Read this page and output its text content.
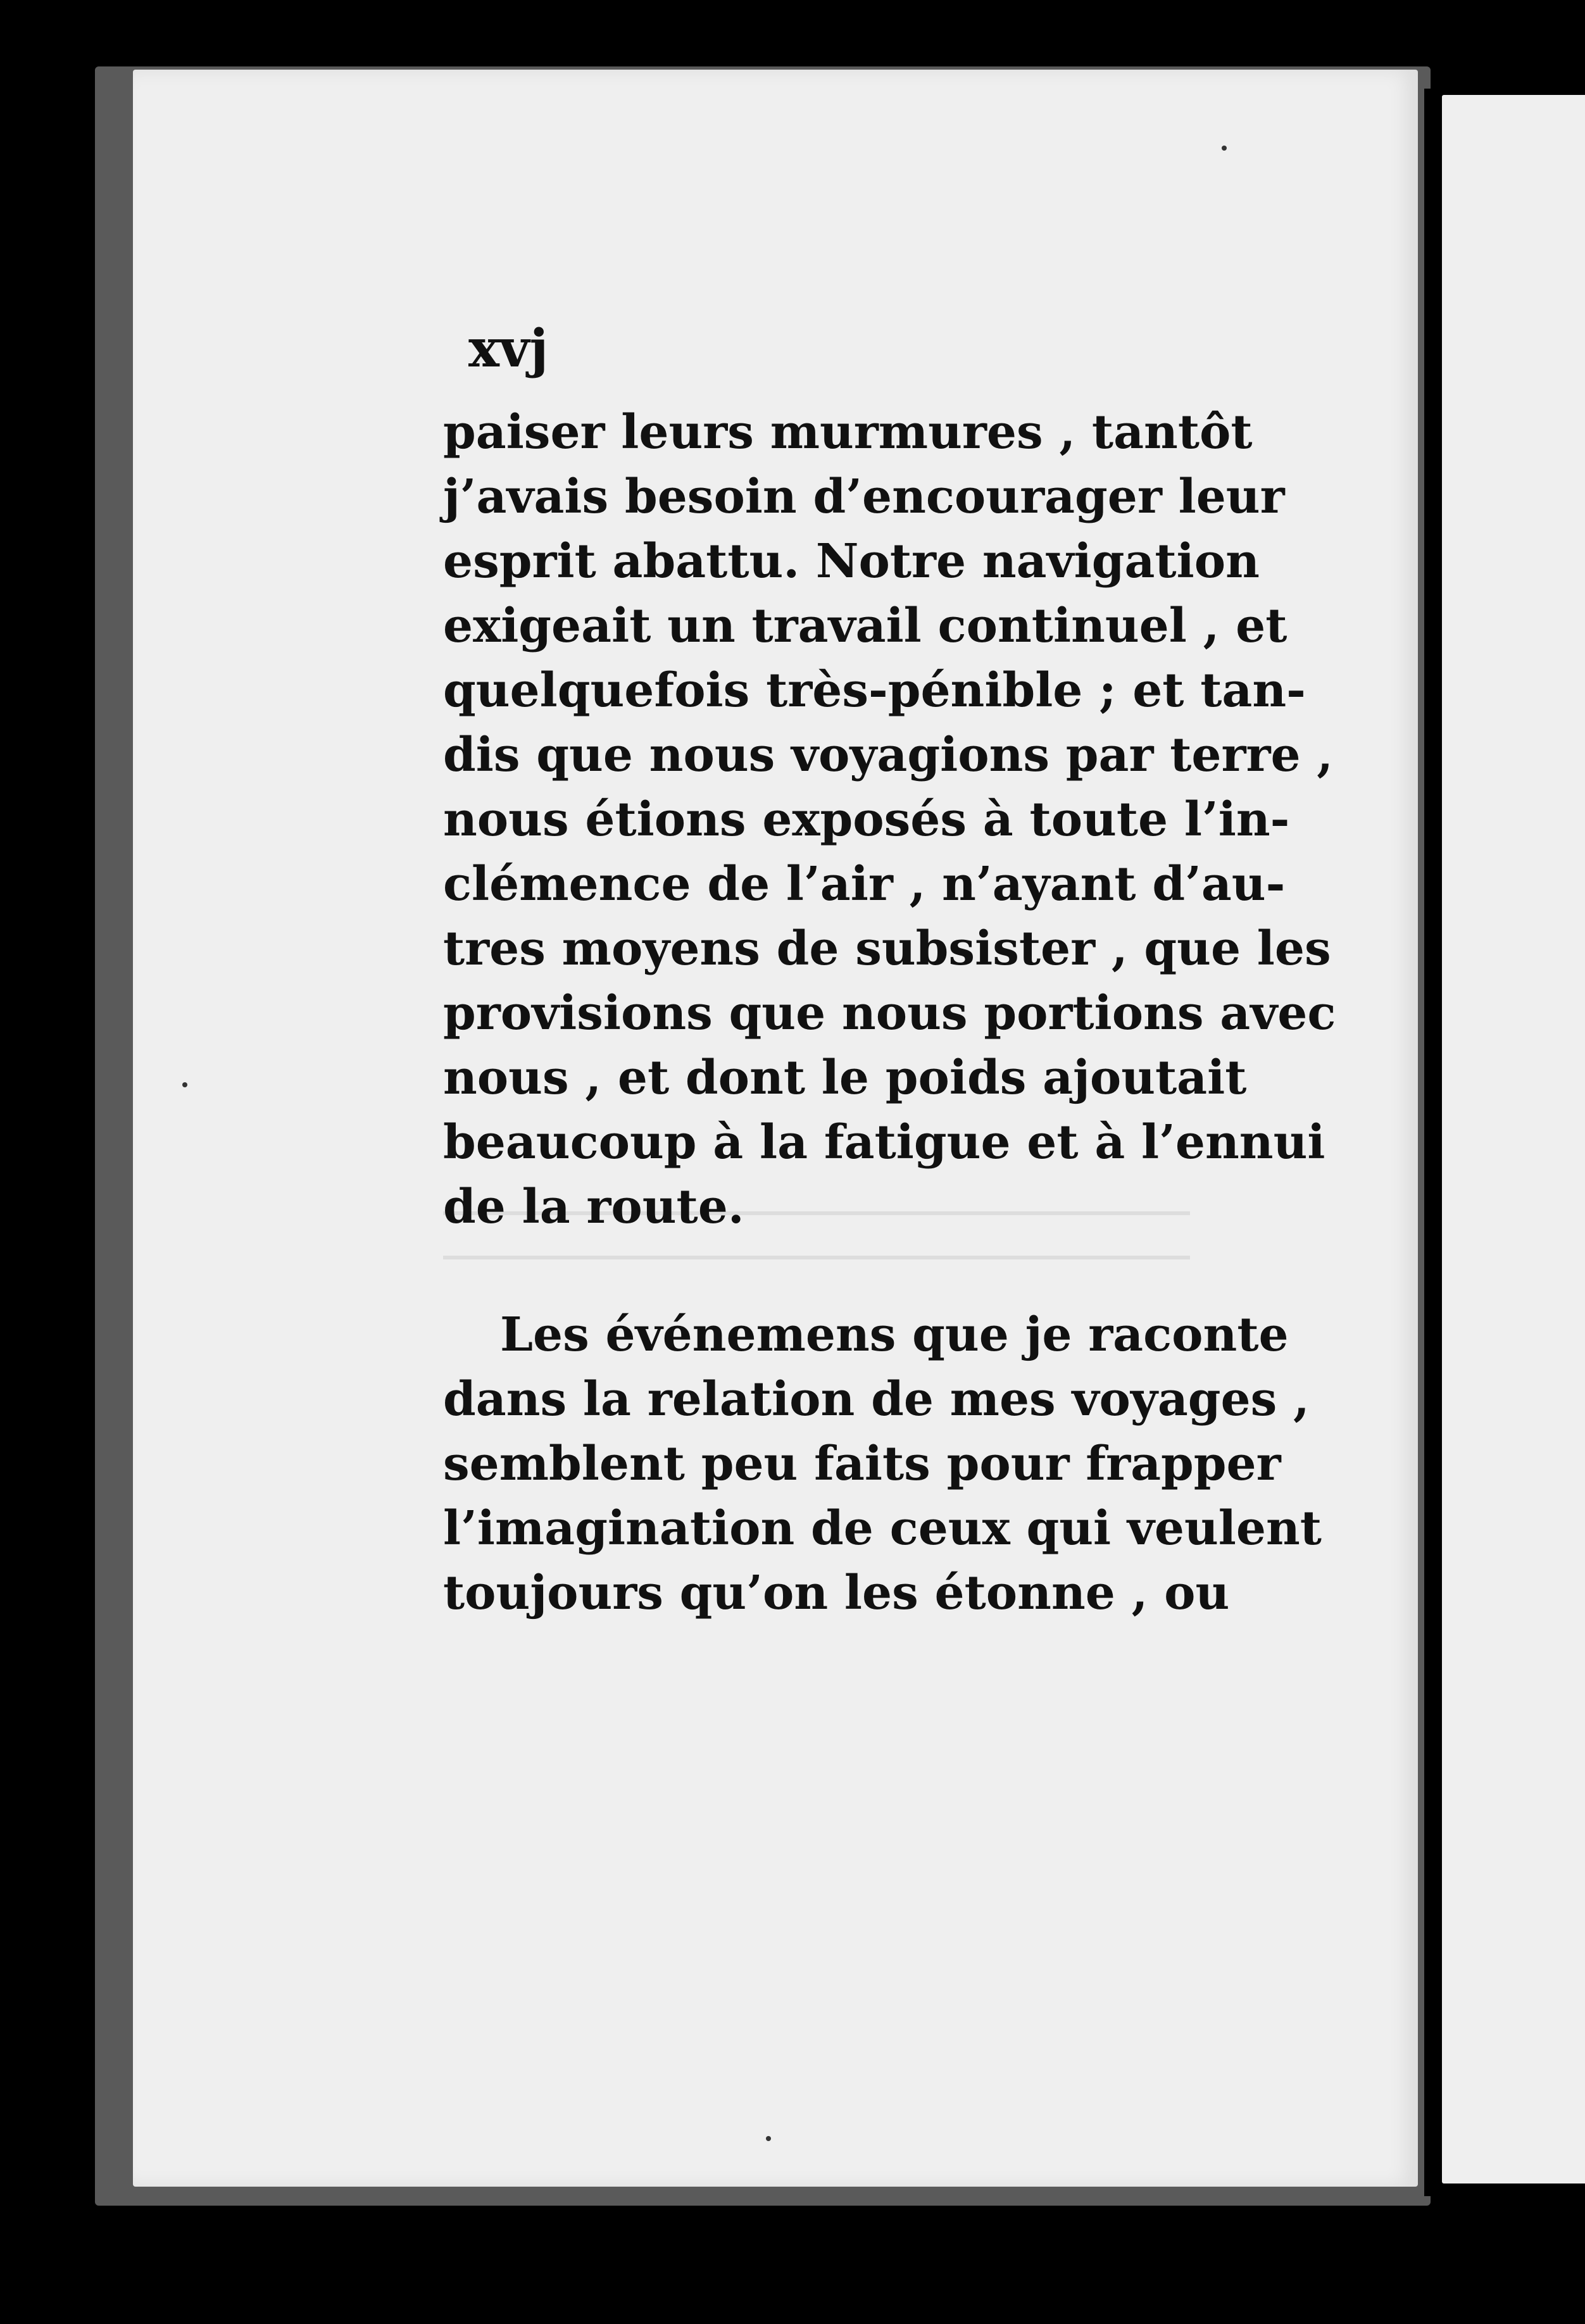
xvj
paiser leurs murmures , tantôt
j’avais besoin d’encourager leur
esprit abattu. Notre navigation
exigeait un travail continuel , et
quelquefois très-pénible ; et tan-
dis que nous voyagions par terre ,
nous étions exposés à toute l’in-
clémence de l’air , n’ayant d’au-
tres moyens de subsister , que les
provisions que nous portions avec
nous , et dont le poids ajoutait
beaucoup à la fatigue et à l’ennui
de la route.
Les événemens que je raconte
dans la relation de mes voyages ,
semblent peu faits pour frapper
l’imagination de ceux qui veulent
toujours qu’on les étonne , ou
